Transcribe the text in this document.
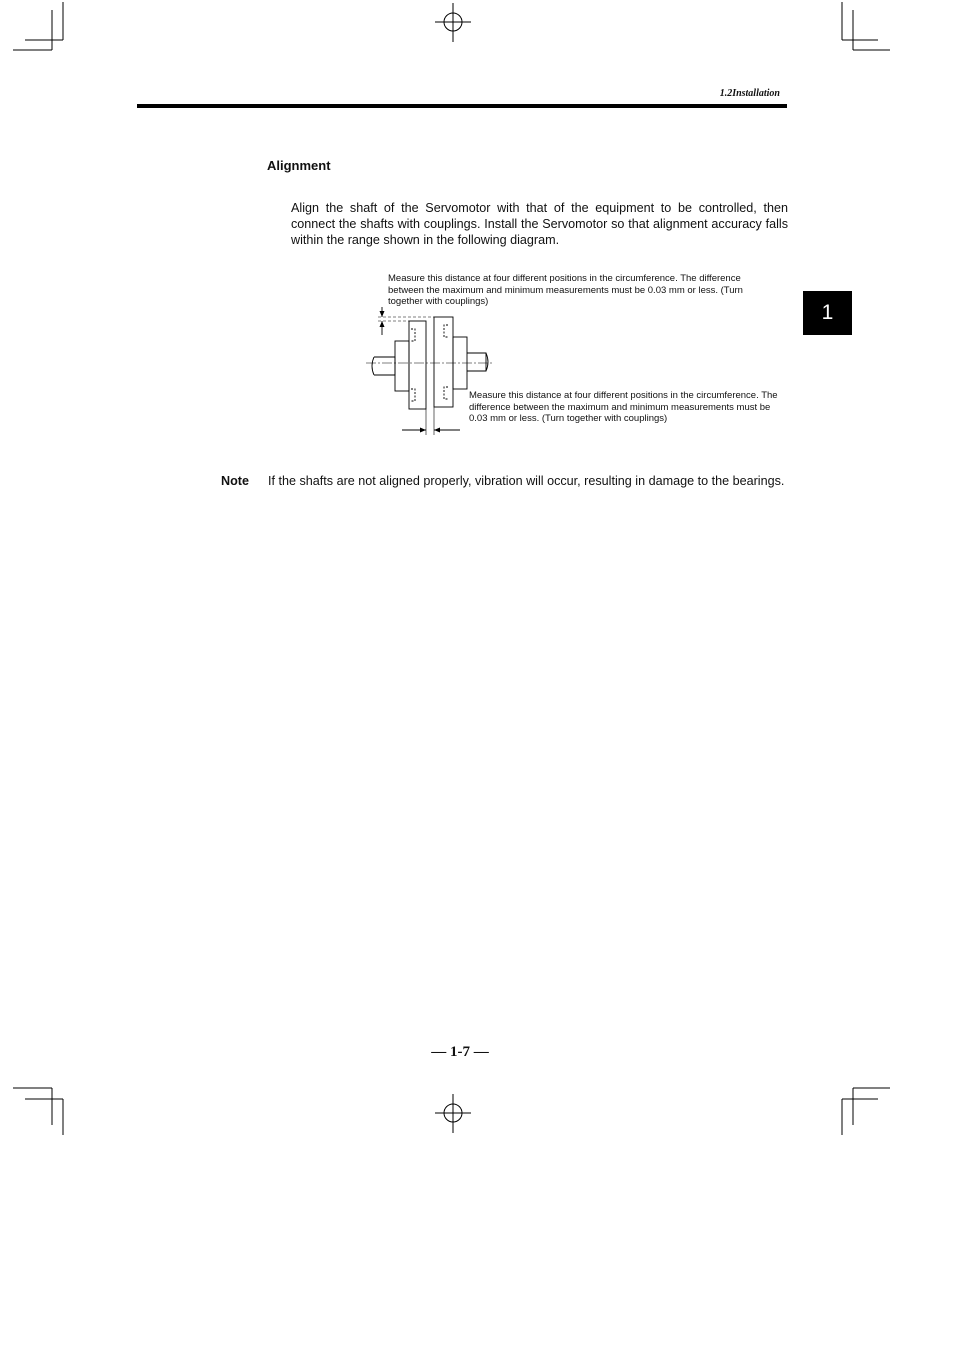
1.2Installation
Alignment
Align the shaft of the Servomotor with that of the equipment to be controlled, then connect the shafts with couplings. Install the Servomotor so that alignment accuracy falls within the range shown in the following diagram.
Measure this distance at four different positions in the circumference. The difference between the maximum and minimum measurements must be 0.03 mm or less. (Turn together with couplings)
Measure this distance at four different positions in the circumference. The difference between the maximum and minimum measurements must be 0.03 mm or less. (Turn together with couplings)
1
Note If the shafts are not aligned properly, vibration will occur, resulting in damage to the bearings.
— 1-7 —
